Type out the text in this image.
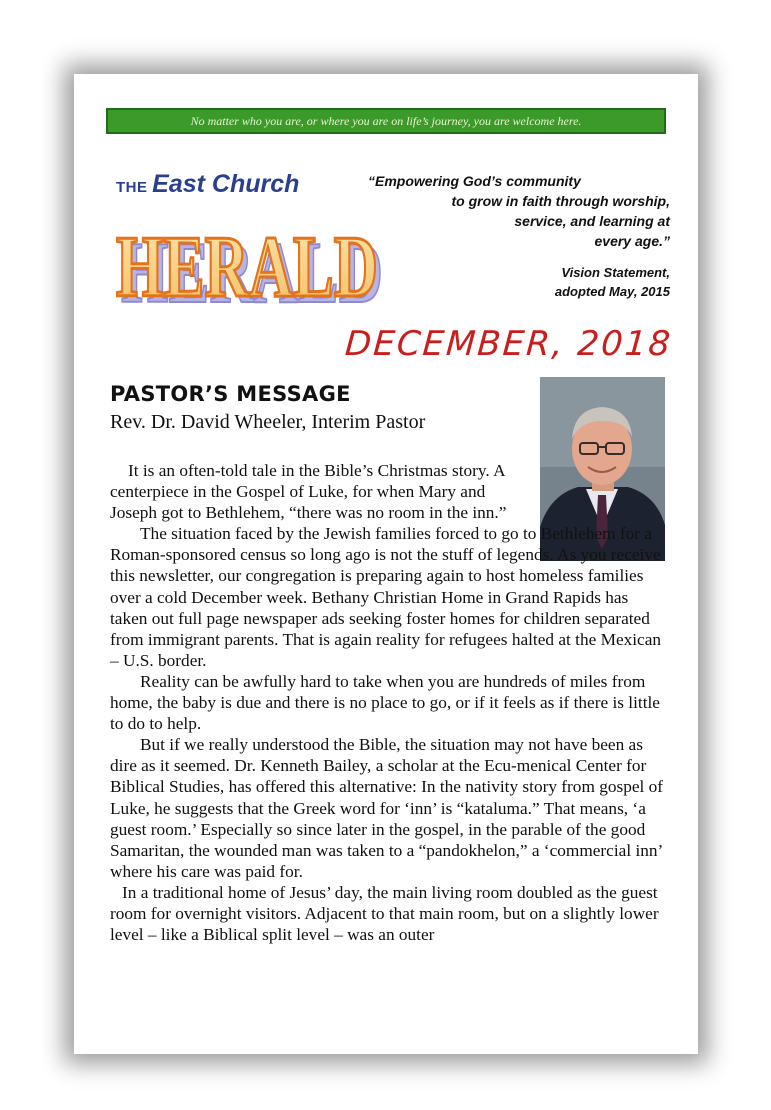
No matter who you are, or where you are on life’s journey, you are welcome here.
THE East Church
HERALD
HERALD
“Empowering God’s community
to grow in faith through worship,
service, and learning at
every age.”
Vision Statement,
adopted May, 2015
DECEMBER, 2018
PASTOR’S MESSAGE
Rev. Dr. David Wheeler, Interim Pastor

It is an often-told tale in the Bible’s Christmas story. A centerpiece in the Gospel of Luke, for when Mary and Joseph got to Bethlehem, “there was no room in the inn.”

The situation faced by the Jewish families forced to go to Bethlehem for a Roman-sponsored census so long ago is not the stuff of legends. As you receive this newsletter, our congregation is preparing again to host homeless families over a cold December week. Bethany Christian Home in Grand Rapids has taken out full page newspaper ads seeking foster homes for children separated from immigrant parents. That is again reality for refugees halted at the Mexican – U.S. border.

Reality can be awfully hard to take when you are hundreds of miles from home, the baby is due and there is no place to go, or if it feels as if there is little to do to help.

But if we really understood the Bible, the situation may not have been as dire as it seemed. Dr. Kenneth Bailey, a scholar at the Ecu-menical Center for Biblical Studies, has offered this alternative: In the nativity story from gospel of Luke, he suggests that the Greek word for ‘inn’ is “kataluma.” That means, ‘a guest room.’ Especially so since later in the gospel, in the parable of the good Samaritan, the wounded man was taken to a “pandokhelon,” a ‘commercial inn’ where his care was paid for.

In a traditional home of Jesus’ day, the main living room doubled as the guest room for overnight visitors. Adjacent to that main room, but on a slightly lower level – like a Biblical split level – was an outer
